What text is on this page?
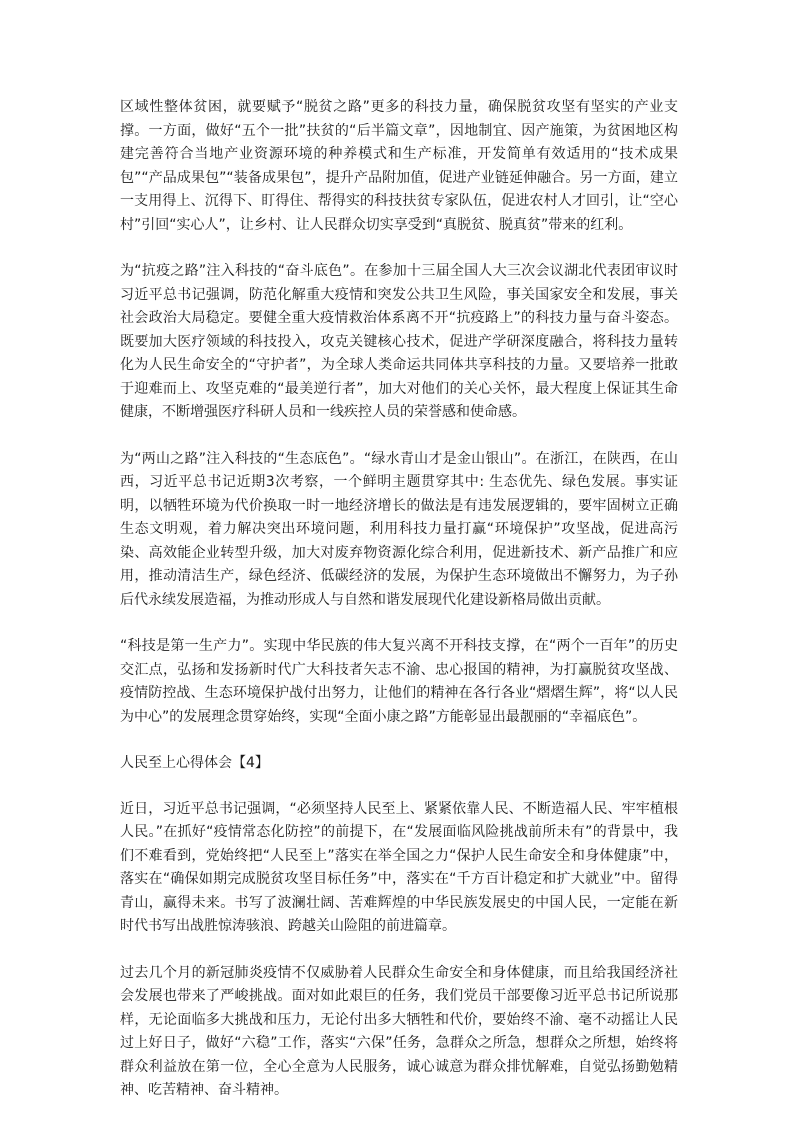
区域性整体贫困，就要赋予“脱贫之路”更多的科技力量，确保脱贫攻坚有坚实的产业支撑。一方面，做好“五个一批”扶贫的“后半篇文章”，因地制宜、因产施策，为贫困地区构建完善符合当地产业资源环境的种养模式和生产标准，开发简单有效适用的“技术成果包”“产品成果包”“装备成果包”，提升产品附加值，促进产业链延伸融合。另一方面，建立一支用得上、沉得下、盯得住、帮得实的科技扶贫专家队伍，促进农村人才回引，让“空心村”引回“实心人”，让乡村、让人民群众切实享受到“真脱贫、脱真贫”带来的红利。

为“抗疫之路”注入科技的“奋斗底色”。在参加十三届全国人大三次会议湖北代表团审议时习近平总书记强调，防范化解重大疫情和突发公共卫生风险，事关国家安全和发展，事关社会政治大局稳定。要健全重大疫情救治体系离不开“抗疫路上”的科技力量与奋斗姿态。既要加大医疗领域的科技投入，攻克关键核心技术，促进产学研深度融合，将科技力量转化为人民生命安全的“守护者”，为全球人类命运共同体共享科技的力量。又要培养一批敢于迎难而上、攻坚克难的“最美逆行者”，加大对他们的关心关怀，最大程度上保证其生命健康，不断增强医疗科研人员和一线疾控人员的荣誉感和使命感。

为“两山之路”注入科技的“生态底色”。“绿水青山才是金山银山”。在浙江，在陕西，在山西，习近平总书记近期3次考察，一个鲜明主题贯穿其中: 生态优先、绿色发展。事实证明，以牺牲环境为代价换取一时一地经济增长的做法是有违发展逻辑的，要牢固树立正确生态文明观，着力解决突出环境问题，利用科技力量打赢“环境保护”攻坚战，促进高污染、高效能企业转型升级，加大对废弃物资源化综合利用，促进新技术、新产品推广和应用，推动清洁生产，绿色经济、低碳经济的发展，为保护生态环境做出不懈努力，为子孙后代永续发展造福，为推动形成人与自然和谐发展现代化建设新格局做出贡献。

“科技是第一生产力”。实现中华民族的伟大复兴离不开科技支撑，在“两个一百年”的历史交汇点，弘扬和发扬新时代广大科技者矢志不渝、忠心报国的精神，为打赢脱贫攻坚战、疫情防控战、生态环境保护战付出努力，让他们的精神在各行各业“熠熠生辉”，将“以人民为中心”的发展理念贯穿始终，实现“全面小康之路”方能彰显出最靓丽的“幸福底色”。

人民至上心得体会【4】

近日，习近平总书记强调，“必须坚持人民至上、紧紧依靠人民、不断造福人民、牢牢植根人民。”在抓好“疫情常态化防控”的前提下，在“发展面临风险挑战前所未有”的背景中，我们不难看到，党始终把“人民至上”落实在举全国之力“保护人民生命安全和身体健康”中，落实在“确保如期完成脱贫攻坚目标任务”中，落实在“千方百计稳定和扩大就业”中。留得青山，赢得未来。书写了波澜壮阔、苦难辉煌的中华民族发展史的中国人民，一定能在新时代书写出战胜惊涛骇浪、跨越关山险阻的前进篇章。

过去几个月的新冠肺炎疫情不仅威胁着人民群众生命安全和身体健康，而且给我国经济社会发展也带来了严峻挑战。面对如此艰巨的任务，我们党员干部要像习近平总书记所说那样，无论面临多大挑战和压力，无论付出多大牺牲和代价，要始终不渝、毫不动摇让人民过上好日子，做好“六稳”工作，落实“六保”任务，急群众之所急，想群众之所想，始终将群众利益放在第一位，全心全意为人民服务，诚心诚意为群众排忧解难，自觉弘扬勤勉精神、吃苦精神、奋斗精神。
